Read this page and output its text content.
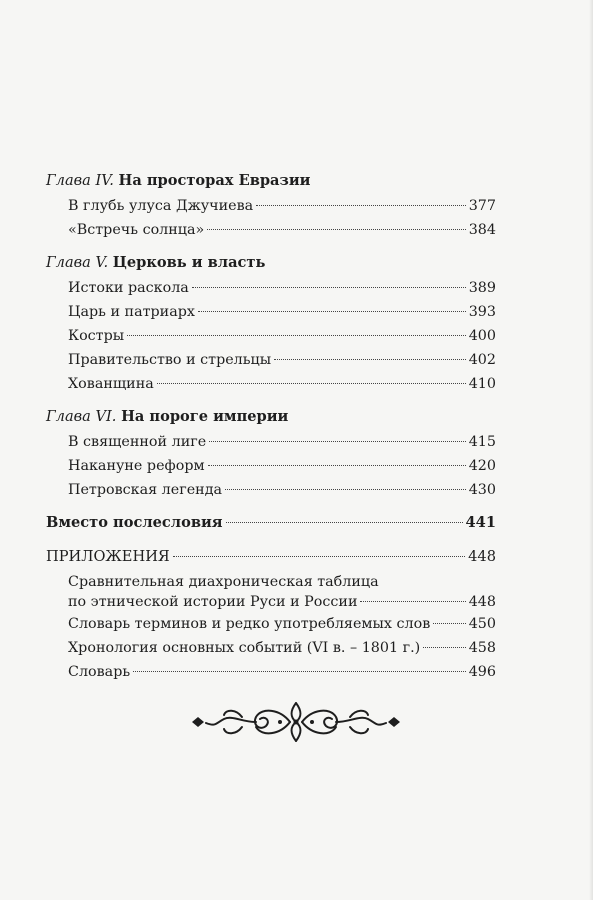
Глава IV.
На просторах Евразии
В глубь улуса Джучиева	377
«Встречь солнца»	384
Глава V.
Церковь и власть
Истоки раскола	389
Царь и патриарх	393
Костры	400
Правительство и стрельцы	402
Хованщина	410
Глава VI.
На пороге империи
В священной лиге	415
Накануне реформ	420
Петровская легенда	430
Вместо послесловия	441
ПРИЛОЖЕНИЯ	448
Сравнительная диахроническая таблица
по этнической истории Руси и России	448
Словарь терминов и редко употребляемых слов	450
Хронология основных событий (VI в. – 1801 г.)	458
Словарь	496
